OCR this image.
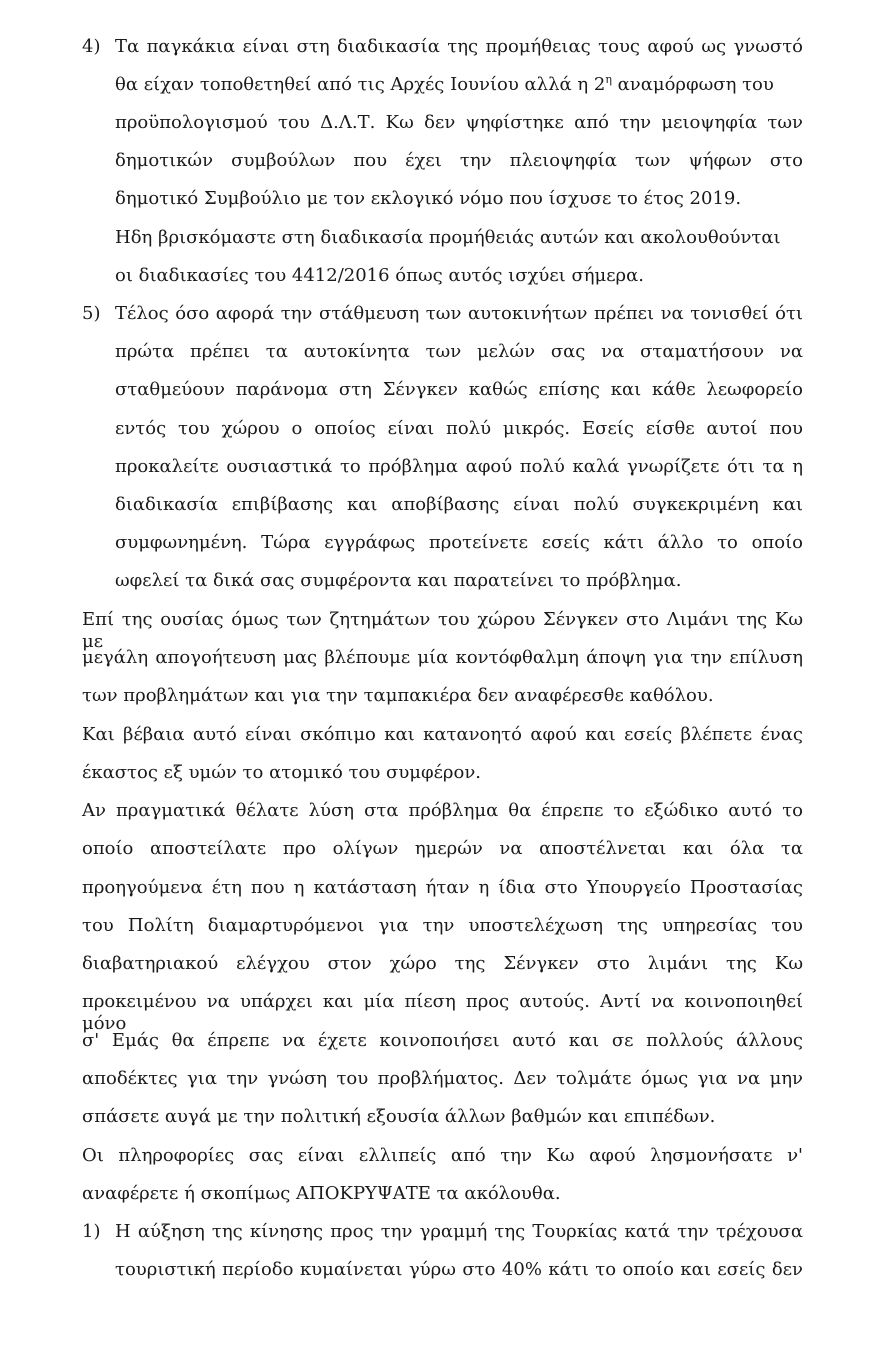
4) Τα παγκάκια είναι στη διαδικασία της προμήθειας τους αφού ως γνωστό
θα είχαν τοποθετηθεί από τις Αρχές Ιουνίου αλλά η $2^\eta$ αναμόρφωση του
προϋπολογισμού του Δ.Λ.Τ. Κω δεν ψηφίστηκε από την μειοψηφία των
δημοτικών συμβούλων που έχει την πλειοψηφία των ψήφων στο
δημοτικό Συμβούλιο με τον εκλογικό νόμο που ίσχυσε το έτος 2019.
Ηδη βρισκόμαστε στη διαδικασία προμήθειάς αυτών και ακολουθούνται
οι διαδικασίες του 4412/2016 όπως αυτός ισχύει σήμερα.
5) Τέλος όσο αφορά την στάθμευση των αυτοκινήτων πρέπει να τονισθεί ότι
πρώτα πρέπει τα αυτοκίνητα των μελών σας να σταματήσουν να
σταθμεύουν παράνομα στη Σένγκεν καθώς επίσης και κάθε λεωφορείο
εντός του χώρου ο οποίος είναι πολύ μικρός. Εσείς είσθε αυτοί που
προκαλείτε ουσιαστικά το πρόβλημα αφού πολύ καλά γνωρίζετε ότι τα η
διαδικασία επιβίβασης και αποβίβασης είναι πολύ συγκεκριμένη και
συμφωνημένη. Τώρα εγγράφως προτείνετε εσείς κάτι άλλο το οποίο
ωφελεί τα δικά σας συμφέροντα και παρατείνει το πρόβλημα.
Επί της ουσίας όμως των ζητημάτων του χώρου Σένγκεν στο Λιμάνι της Κω με
μεγάλη απογοήτευση μας βλέπουμε μία κοντόφθαλμη άποψη για την επίλυση
των προβλημάτων και για την ταμπακιέρα δεν αναφέρεσθε καθόλου.
Και βέβαια αυτό είναι σκόπιμο και κατανοητό αφού και εσείς βλέπετε ένας
έκαστος εξ υμών το ατομικό του συμφέρον.
Αν πραγματικά θέλατε λύση στα πρόβλημα θα έπρεπε το εξώδικο αυτό το
οποίο αποστείλατε προ ολίγων ημερών να αποστέλνεται και όλα τα
προηγούμενα έτη που η κατάσταση ήταν η ίδια στο Υπουργείο Προστασίας
του Πολίτη διαμαρτυρόμενοι για την υποστελέχωση της υπηρεσίας του
διαβατηριακού ελέγχου στον χώρο της Σένγκεν στο λιμάνι της Κω
προκειμένου να υπάρχει και μία πίεση προς αυτούς. Αντί να κοινοποιηθεί μόνο
σ' Εμάς θα έπρεπε να έχετε κοινοποιήσει αυτό και σε πολλούς άλλους
αποδέκτες για την γνώση του προβλήματος. Δεν τολμάτε όμως για να μην
σπάσετε αυγά με την πολιτική εξουσία άλλων βαθμών και επιπέδων.
Οι πληροφορίες σας είναι ελλιπείς από την Κω αφού λησμονήσατε ν'
αναφέρετε ή σκοπίμως ΑΠΟΚΡΥΨΑΤΕ τα ακόλουθα.
1) Η αύξηση της κίνησης προς την γραμμή της Τουρκίας κατά την τρέχουσα
τουριστική περίοδο κυμαίνεται γύρω στο 40% κάτι το οποίο και εσείς δεν
